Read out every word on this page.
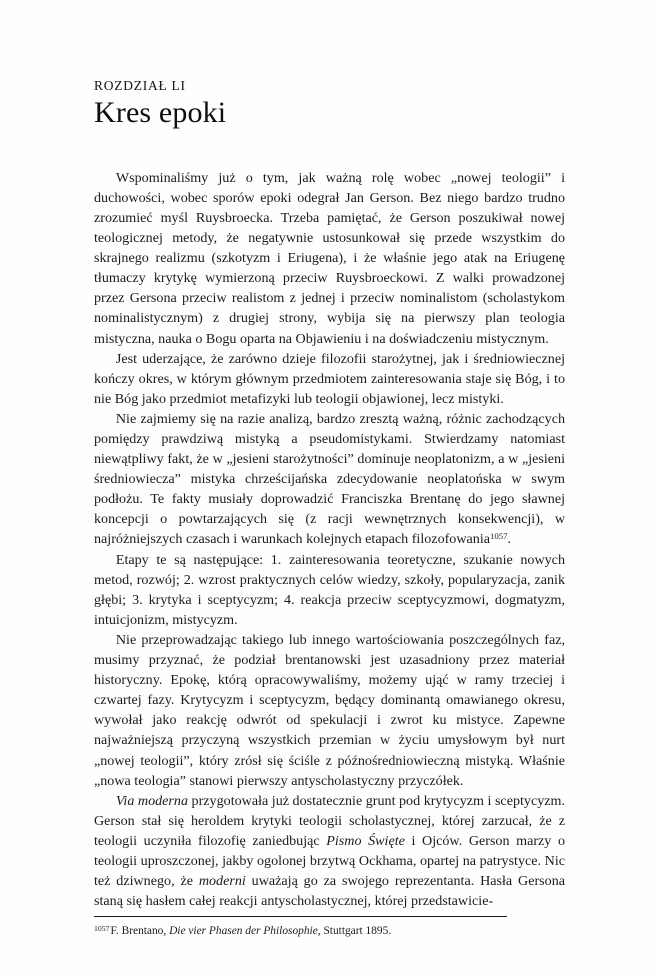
ROZDZIAŁ LI
Kres epoki

Wspominaliśmy już o tym, jak ważną rolę wobec „nowej teologii” i duchowości, wobec sporów epoki odegrał Jan Gerson. Bez niego bardzo trudno zrozumieć myśl Ruysbroecka. Trzeba pamiętać, że Gerson poszukiwał nowej teologicznej metody, że negatywnie ustosunkował się przede wszystkim do skrajnego realizmu (szkotyzm i Eriugena), i że właśnie jego atak na Eriugenę tłumaczy krytykę wymierzoną przeciw Ruysbroeckowi. Z walki prowadzonej przez Gersona przeciw realistom z jednej i przeciw nominalistom (scholastykom nominalistycznym) z drugiej strony, wybija się na pierwszy plan teologia mistyczna, nauka o Bogu oparta na Objawieniu i na doświadczeniu mistycznym.

Jest uderzające, że zarówno dzieje filozofii starożytnej, jak i średniowiecznej kończy okres, w którym głównym przedmiotem zainteresowania staje się Bóg, i to nie Bóg jako przedmiot metafizyki lub teologii objawionej, lecz mistyki.

Nie zajmiemy się na razie analizą, bardzo zresztą ważną, różnic zachodzących pomiędzy prawdziwą mistyką a pseudomistykami. Stwierdzamy natomiast niewątpliwy fakt, że w „jesieni starożytności” dominuje neoplatonizm, a w „jesieni średniowiecza” mistyka chrześcijańska zdecydowanie neoplatońska w swym podłożu. Te fakty musiały doprowadzić Franciszka Brentanę do jego sławnej koncepcji o powtarzających się (z racji wewnętrznych konsekwencji), w najróżniejszych czasach i warunkach kolejnych etapach filozofowania$^{1057}$.

Etapy te są następujące: 1. zainteresowania teoretyczne, szukanie nowych metod, rozwój; 2. wzrost praktycznych celów wiedzy, szkoły, popularyzacja, zanik głębi; 3. krytyka i sceptycyzm; 4. reakcja przeciw sceptycyzmowi, dogmatyzm, intuicjonizm, mistycyzm.

Nie przeprowadzając takiego lub innego wartościowania poszczególnych faz, musimy przyznać, że podział brentanowski jest uzasadniony przez materiał historyczny. Epokę, którą opracowywaliśmy, możemy ująć w ramy trzeciej i czwartej fazy. Krytycyzm i sceptycyzm, będący dominantą omawianego okresu, wywołał jako reakcję odwrót od spekulacji i zwrot ku mistyce. Zapewne najważniejszą przyczyną wszystkich przemian w życiu umysłowym był nurt „nowej teologii”, który zrósł się ściśle z późnośredniowieczną mistyką. Właśnie „nowa teologia” stanowi pierwszy antyscholastyczny przyczółek.

Via moderna przygotowała już dostatecznie grunt pod krytycyzm i sceptycyzm. Gerson stał się heroldem krytyki teologii scholastycznej, której zarzucał, że z teologii uczyniła filozofię zaniedbując Pismo Święte i Ojców. Gerson marzy o teologii uproszczonej, jakby ogolonej brzytwą Ockhama, opartej na patrystyce. Nic też dziwnego, że moderni uważają go za swojego reprezentanta. Hasła Gersona staną się hasłem całej reakcji antyscholastycznej, której przedstawicie-

$^{1057}$F. Brentano, Die vier Phasen der Philosophie, Stuttgart 1895.
